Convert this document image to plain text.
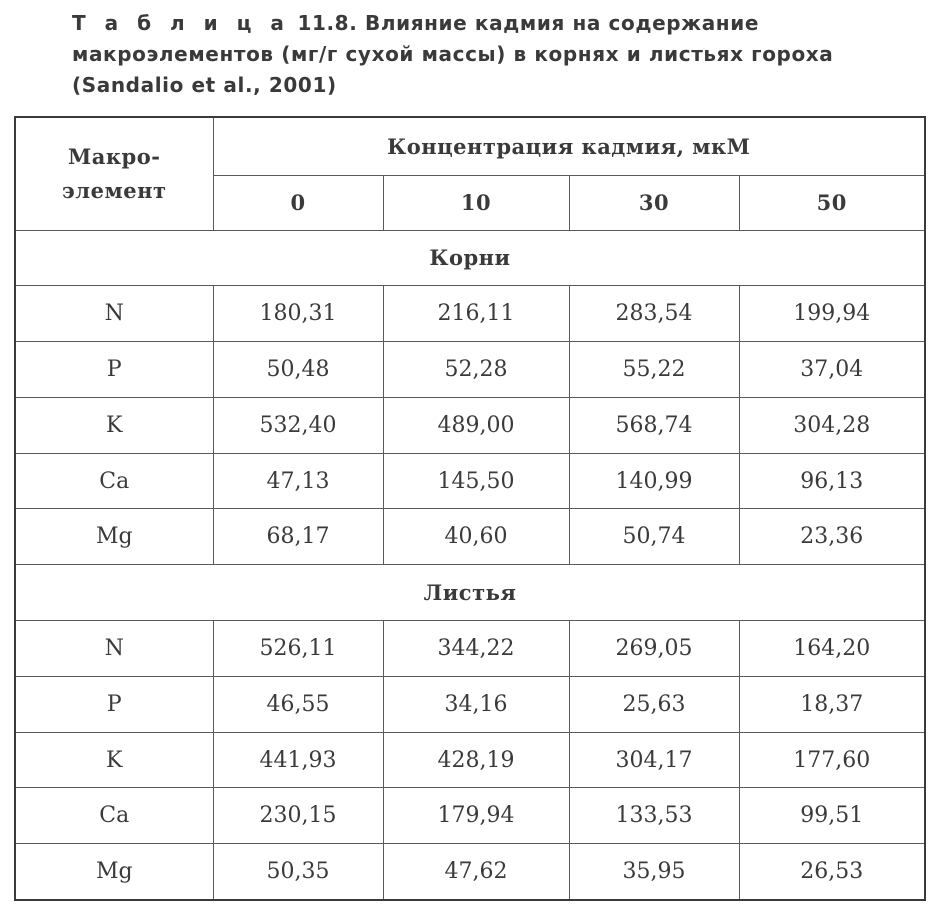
Т а б л и ц а 11.8. Влияние кадмия на содержание макроэлементов (мг/г сухой массы) в корнях и листьях гороха (Sandalio et al., 2001)
Макро-
элемент	Концентрация кадмия, мкМ			
	0	10	30	50
Корни				
N	180,31	216,11	283,54	199,94
P	50,48	52,28	55,22	37,04
K	532,40	489,00	568,74	304,28
Ca	47,13	145,50	140,99	96,13
Mg	68,17	40,60	50,74	23,36
Листья				
N	526,11	344,22	269,05	164,20
P	46,55	34,16	25,63	18,37
K	441,93	428,19	304,17	177,60
Ca	230,15	179,94	133,53	99,51
Mg	50,35	47,62	35,95	26,53
